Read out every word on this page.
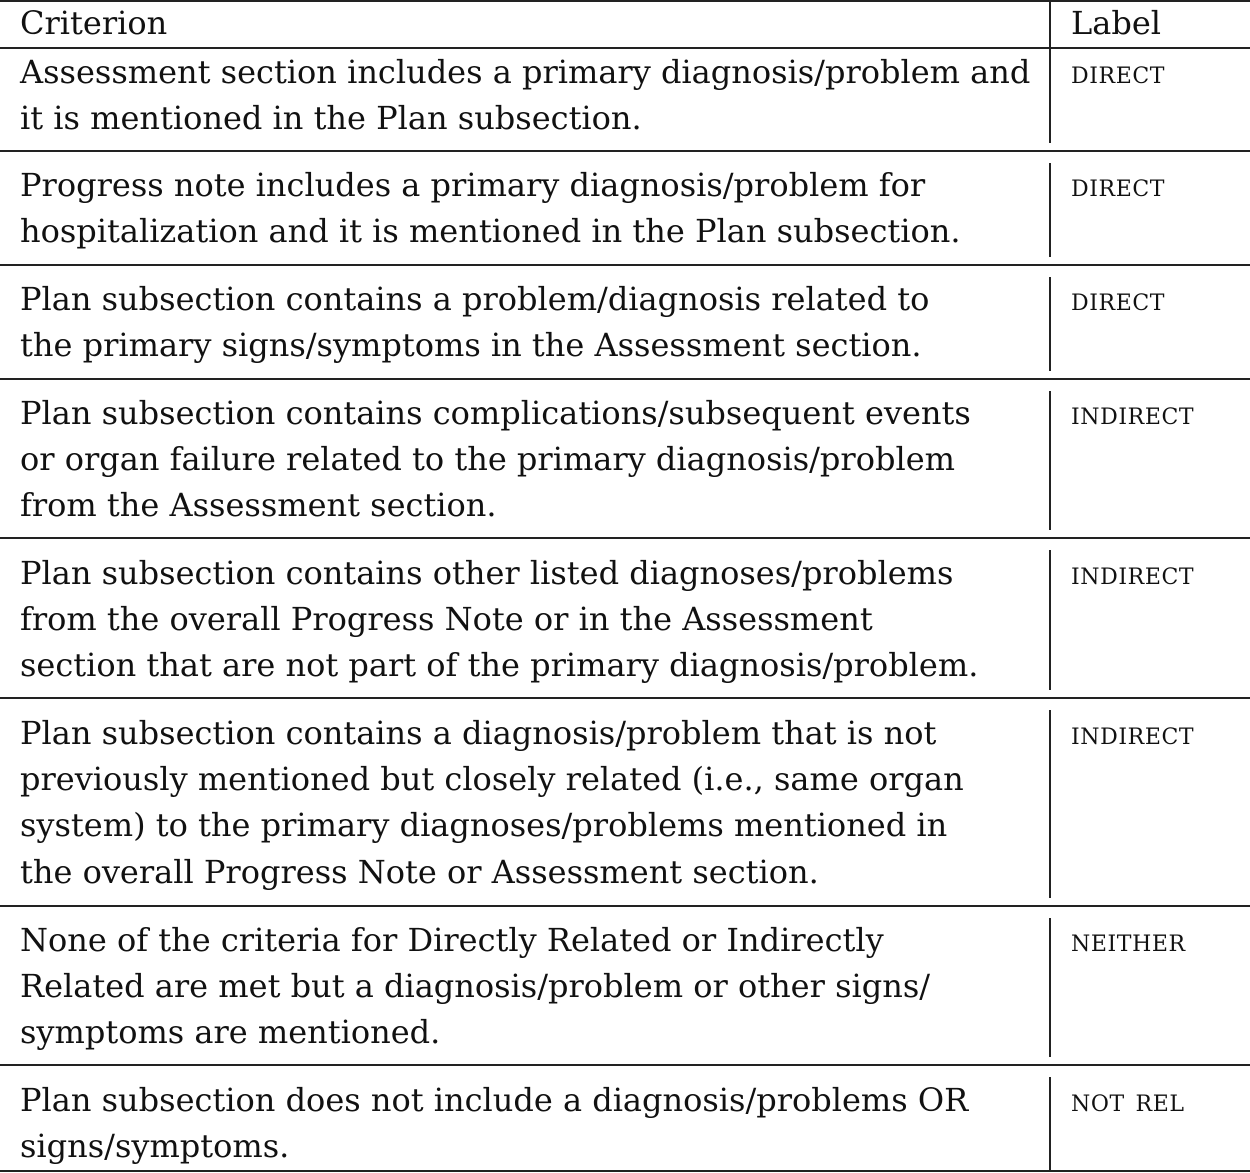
Criterion	Label
Assessment section includes a primary diagnosis/problem and
it is mentioned in the Plan subsection.
direct
Progress note includes a primary diagnosis/problem for
hospitalization and it is mentioned in the Plan subsection.
direct
Plan subsection contains a problem/diagnosis related to
the primary signs/symptoms in the Assessment section.
direct
Plan subsection contains complications/subsequent events
or organ failure related to the primary diagnosis/problem
from the Assessment section.
indirect
Plan subsection contains other listed diagnoses/problems
from the overall Progress Note or in the Assessment
section that are not part of the primary diagnosis/problem.
indirect
Plan subsection contains a diagnosis/problem that is not
previously mentioned but closely related (i.e., same organ
system) to the primary diagnoses/problems mentioned in
the overall Progress Note or Assessment section.
indirect
None of the criteria for Directly Related or Indirectly
Related are met but a diagnosis/problem or other signs/
symptoms are mentioned.
neither
Plan subsection does not include a diagnosis/problems OR
signs/symptoms.
not rel
